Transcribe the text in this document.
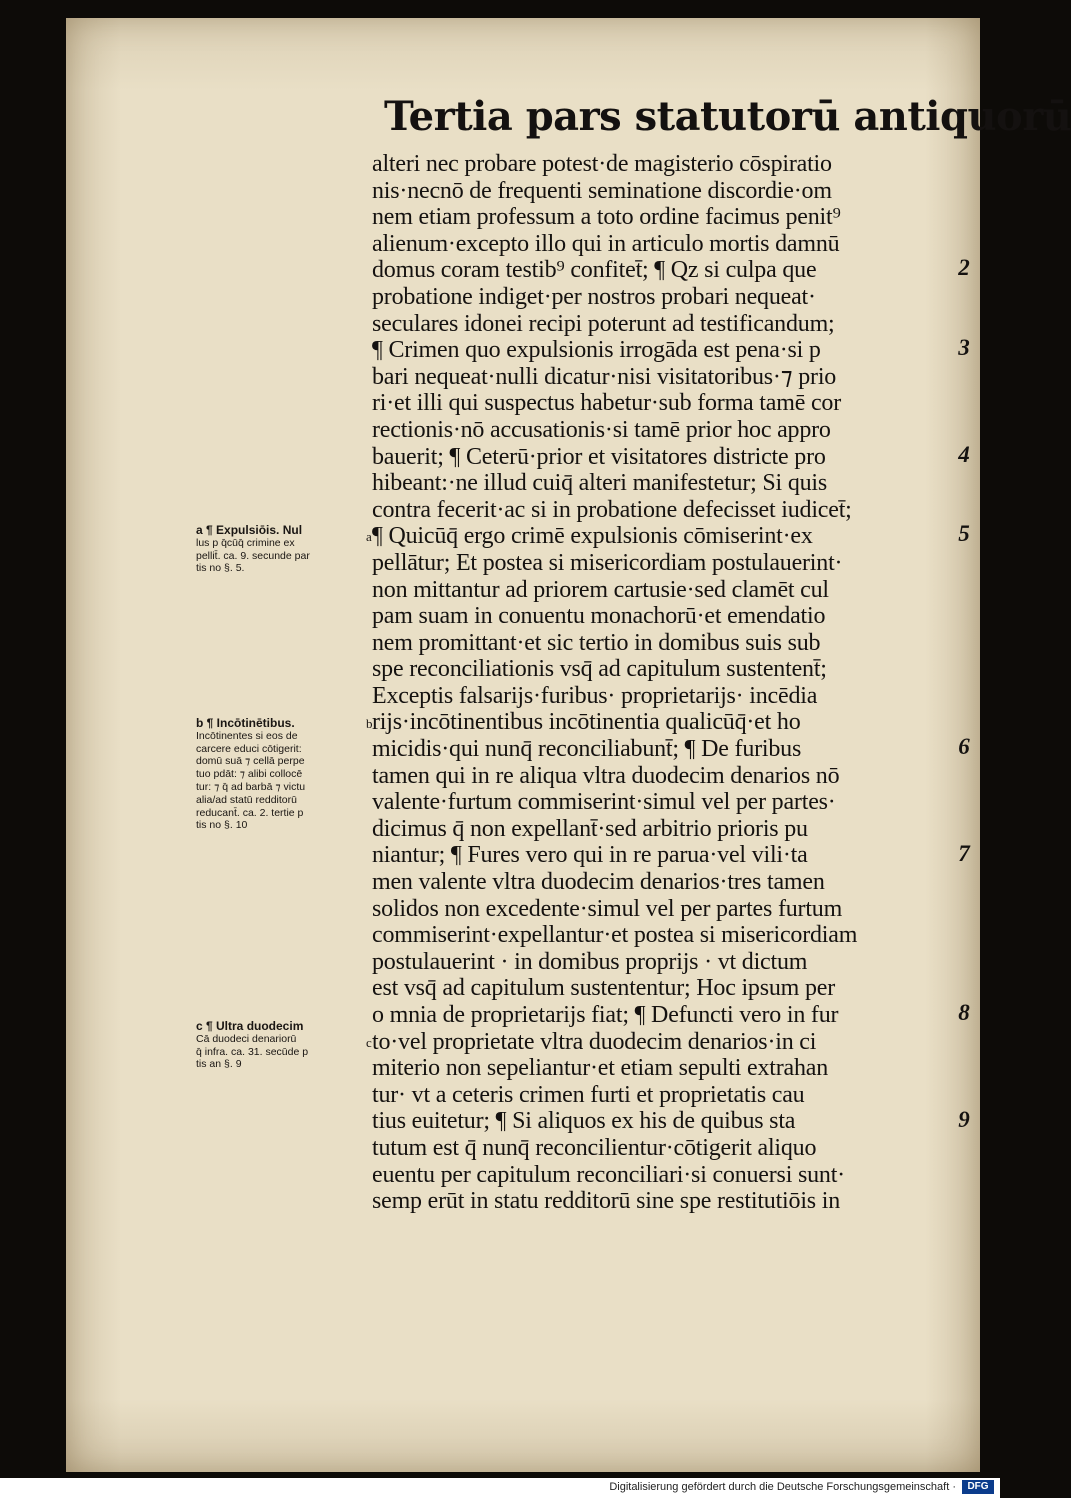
Tertia pars statutorū antiquorū
alteri nec probare potest·de magisterio cōspiratio
nis·necnō de frequenti seminatione discordie·om
nem etiam professum a toto ordine facimus penit⁹
alienum·excepto illo qui in articulo mortis damnū
domus coram testib⁹ confitet̄; ¶ Qz si culpa que
probatione indiget·per nostros probari nequeat·
seculares idonei recipi poterunt ad testificandum;
¶ Crimen quo expulsionis irrogāda est pena·si p
bari nequeat·nulli dicatur·nisi visitatoribus·⁊ prio
ri·et illi qui suspectus habetur·sub forma tamē cor
rectionis·nō accusationis·si tamē prior hoc appro
bauerit; ¶ Ceterū·prior et visitatores districte pro
hibeant:·ne illud cuiq̄ alteri manifestetur; Si quis
contra fecerit·ac si in probatione defecisset iudicet̄;
¶ Quicūq̄ ergo crimē expulsionis cōmiserint·ex
pellātur; Et postea si misericordiam postulauerint·
non mittantur ad priorem cartusie·sed clamēt cul
pam suam in conuentu monachorū·et emendatio
nem promittant·et sic tertio in domibus suis sub
spe reconciliationis vsq̄ ad capitulum sustentent̄;
Exceptis falsarijs·furibus· proprietarijs· incēdia
rijs·incōtinentibus incōtinentia qualicūq̄·et ho
micidis·qui nunq̄ reconciliabunt̄; ¶ De furibus
tamen qui in re aliqua vltra duodecim denarios nō
valente·furtum commiserint·simul vel per partes·
dicimus q̄ non expellant̄·sed arbitrio prioris pu
niantur; ¶ Fures vero qui in re parua·vel vili·ta
men valente vltra duodecim denarios·tres tamen
solidos non excedente·simul vel per partes furtum
commiserint·expellantur·et postea si misericordiam
postulauerint · in domibus proprijs · vt dictum
est vsq̄ ad capitulum sustententur; Hoc ipsum per
o mnia de proprietarijs fiat; ¶ Defuncti vero in fur
to·vel proprietate vltra duodecim denarios·in ci
miterio non sepeliantur·et etiam sepulti extrahan
tur· vt a ceteris crimen furti et proprietatis cau
tius euitetur; ¶ Si aliquos ex his de quibus sta
tutum est q̄ nunq̄ reconcilientur·cōtigerit aliquo
euentu per capitulum reconciliari·si conuersi sunt·
semp erūt in statu redditorū sine spe restitutiōis in
2
3
4
5
6
7
8
9
a ¶ Expulsiōis. Nul
lus p q̄cūq̄ crimine ex
pellit̄. ca. 9. secunde par
tis no §. 5.
b ¶ Incōtinētibus.
Incōtinentes si eos de
carcere educi cōtigerit:
domū suā ⁊ cellā perpe
tuo pdāt: ⁊ alibi collocē
tur: ⁊ q̄ ad barbā ⁊ victu
alia/ad statū redditorū
reducant̄. ca. 2. tertie p
tis no §. 10
c ¶ Ultra duodecim
Cā duodeci denariorū
q̄ infra. ca. 31. secūde p
tis an §. 9
a
b
c
Digitalisierung gefördert durch die Deutsche Forschungsgemeinschaft ·	DFG
